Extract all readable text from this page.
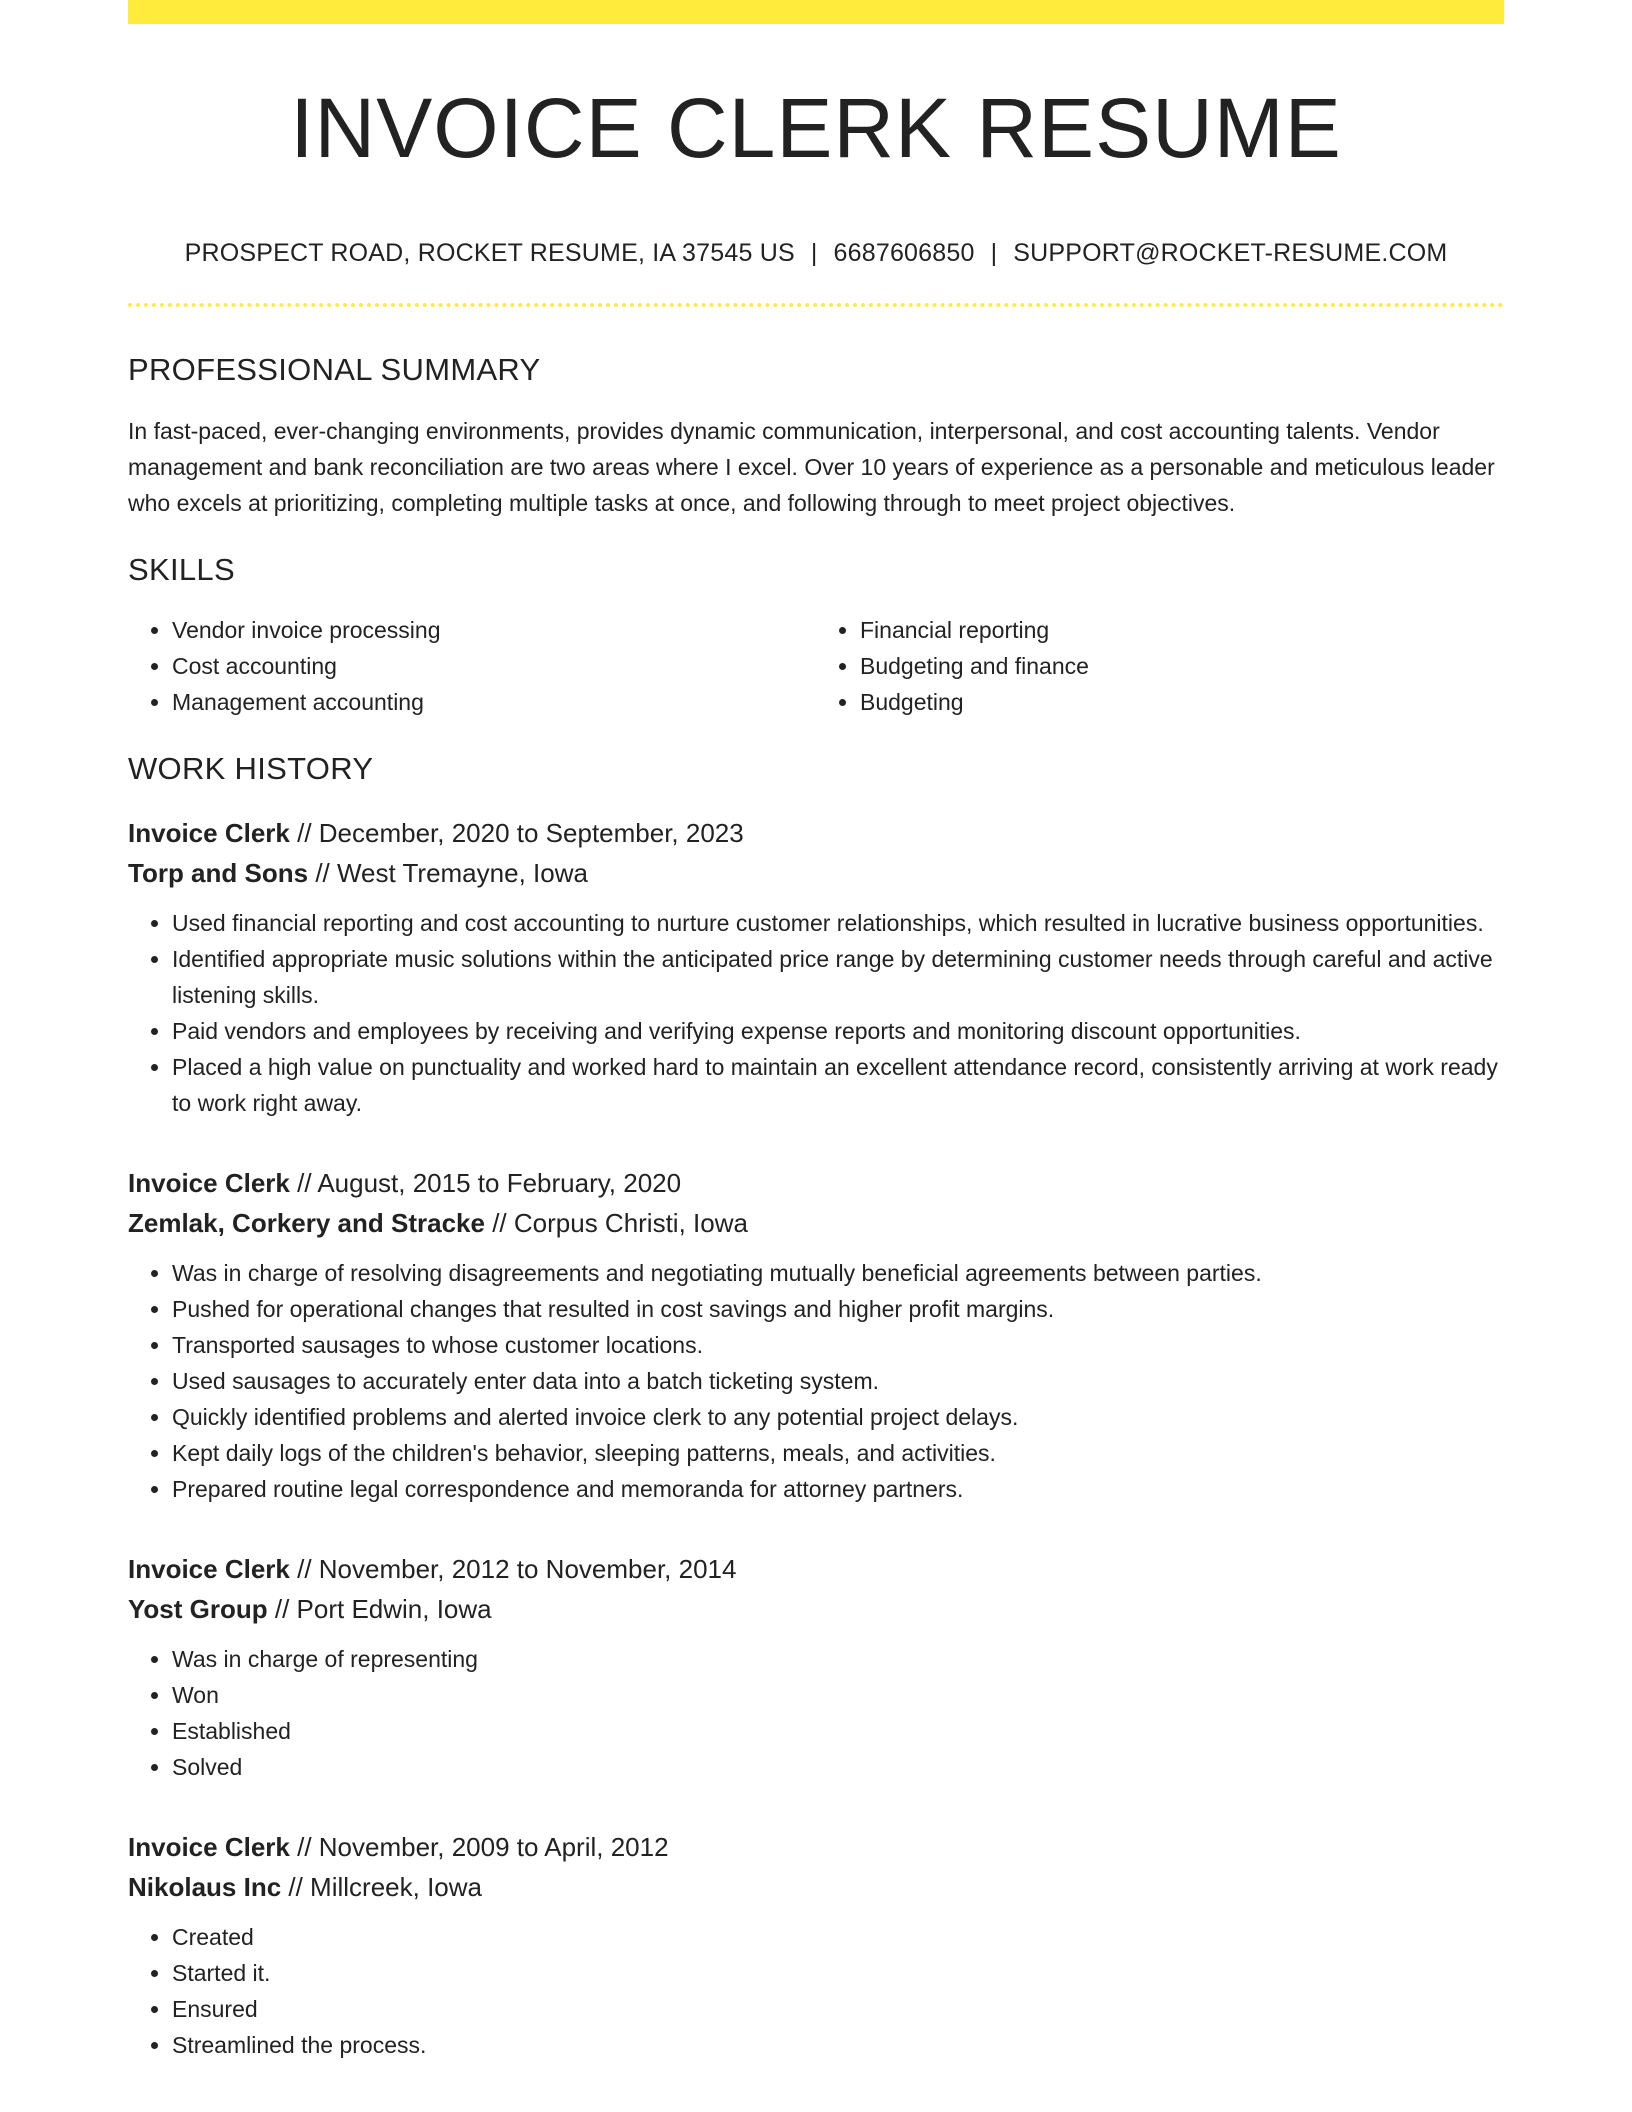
INVOICE CLERK RESUME
PROSPECT ROAD, ROCKET RESUME, IA 37545 US | 6687606850 | SUPPORT@ROCKET-RESUME.COM
PROFESSIONAL SUMMARY
In fast-paced, ever-changing environments, provides dynamic communication, interpersonal, and cost accounting talents. Vendor management and bank reconciliation are two areas where I excel. Over 10 years of experience as a personable and meticulous leader who excels at prioritizing, completing multiple tasks at once, and following through to meet project objectives.
SKILLS
• Vendor invoice processing
• Cost accounting
• Management accounting
• Financial reporting
• Budgeting and finance
• Budgeting
WORK HISTORY
Invoice Clerk // December, 2020 to September, 2023
Torp and Sons // West Tremayne, Iowa
• Used financial reporting and cost accounting to nurture customer relationships, which resulted in lucrative business opportunities.
• Identified appropriate music solutions within the anticipated price range by determining customer needs through careful and active listening skills.
• Paid vendors and employees by receiving and verifying expense reports and monitoring discount opportunities.
• Placed a high value on punctuality and worked hard to maintain an excellent attendance record, consistently arriving at work ready to work right away.
Invoice Clerk // August, 2015 to February, 2020
Zemlak, Corkery and Stracke // Corpus Christi, Iowa
• Was in charge of resolving disagreements and negotiating mutually beneficial agreements between parties.
• Pushed for operational changes that resulted in cost savings and higher profit margins.
• Transported sausages to whose customer locations.
• Used sausages to accurately enter data into a batch ticketing system.
• Quickly identified problems and alerted invoice clerk to any potential project delays.
• Kept daily logs of the children's behavior, sleeping patterns, meals, and activities.
• Prepared routine legal correspondence and memoranda for attorney partners.
Invoice Clerk // November, 2012 to November, 2014
Yost Group // Port Edwin, Iowa
• Was in charge of representing
• Won
• Established
• Solved
Invoice Clerk // November, 2009 to April, 2012
Nikolaus Inc // Millcreek, Iowa
• Created
• Started it.
• Ensured
• Streamlined the process.
